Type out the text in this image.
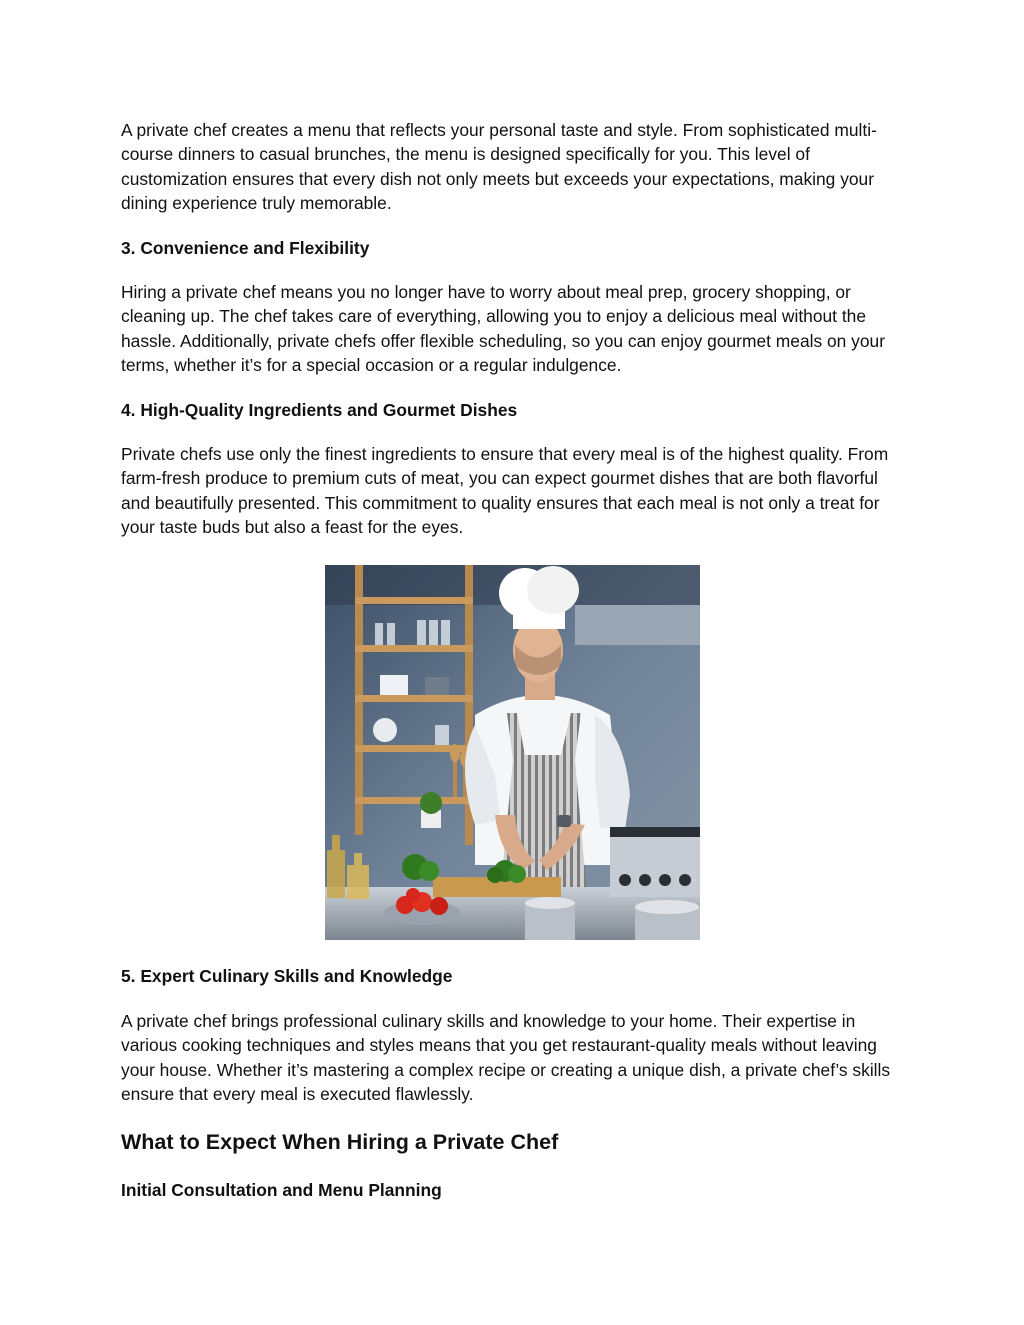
A private chef creates a menu that reflects your personal taste and style. From sophisticated multi-course dinners to casual brunches, the menu is designed specifically for you. This level of customization ensures that every dish not only meets but exceeds your expectations, making your dining experience truly memorable.

3. Convenience and Flexibility

Hiring a private chef means you no longer have to worry about meal prep, grocery shopping, or cleaning up. The chef takes care of everything, allowing you to enjoy a delicious meal without the hassle. Additionally, private chefs offer flexible scheduling, so you can enjoy gourmet meals on your terms, whether it’s for a special occasion or a regular indulgence.

4. High-Quality Ingredients and Gourmet Dishes

Private chefs use only the finest ingredients to ensure that every meal is of the highest quality. From farm-fresh produce to premium cuts of meat, you can expect gourmet dishes that are both flavorful and beautifully presented. This commitment to quality ensures that each meal is not only a treat for your taste buds but also a feast for the eyes.

5. Expert Culinary Skills and Knowledge

A private chef brings professional culinary skills and knowledge to your home. Their expertise in various cooking techniques and styles means that you get restaurant-quality meals without leaving your house. Whether it’s mastering a complex recipe or creating a unique dish, a private chef’s skills ensure that every meal is executed flawlessly.

What to Expect When Hiring a Private Chef
Initial Consultation and Menu Planning
